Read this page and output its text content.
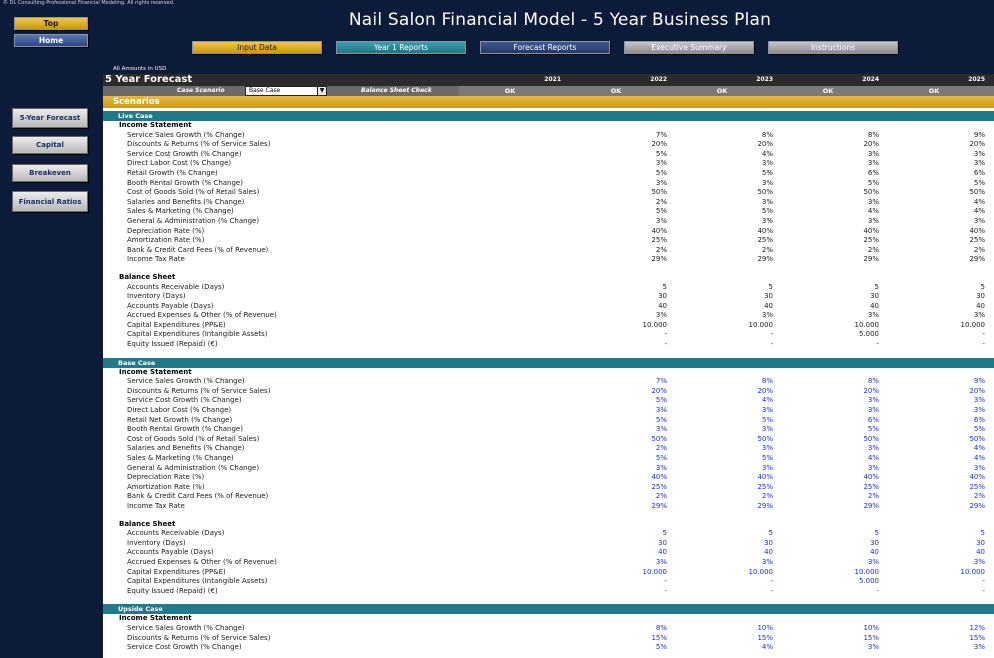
© DL Consulting-Professional Financial Modeling. All rights reserved.
Nail Salon Financial Model - 5 Year Business Plan
Top
Home
Input Data	Year 1 Reports	Forecast Reports	Executive Summary	Instructions
5-Year Forecast
Capital
Breakeven
Financial Ratios
All Amounts in USD
5 Year Forecast	2021	2022	2023	2024	2025
Case Scenario	Base Case	▼	Balance Sheet Check	OK	OK	OK	OK	OK
Scenarios
Live Case
Income Statement
Service Sales Growth (% Change)	7%	8%	8%	9%
Discounts & Returns (% of Service Sales)	20%	20%	20%	20%
Service Cost Growth (% Change)	5%	4%	3%	3%
Direct Labor Cost (% Change)	3%	3%	3%	3%
Retail Growth (% Change)	5%	5%	6%	6%
Booth Rental Growth (% Change)	3%	3%	5%	5%
Cost of Goods Sold (% of Retail Sales)	50%	50%	50%	50%
Salaries and Benefits (% Change)	2%	3%	3%	4%
Sales & Marketing (% Change)	5%	5%	4%	4%
General & Administration (% Change)	3%	3%	3%	3%
Depreciation Rate (%)	40%	40%	40%	40%
Amortization Rate (%)	25%	25%	25%	25%
Bank & Credit Card Fees (% of Revenue)	2%	2%	2%	2%
Income Tax Rate	29%	29%	29%	29%
Balance Sheet
Accounts Receivable (Days)	5	5	5	5
Inventory (Days)	30	30	30	30
Accounts Payable (Days)	40	40	40	40
Accrued Expenses & Other (% of Revenue)	3%	3%	3%	3%
Capital Expenditures (PP&E)	10.000	10.000	10.000	10.000
Capital Expenditures (Intangible Assets)	-	-	5.000	-
Equity Issued (Repaid) (€)	-	-	-	-
Base Case
Income Statement
Service Sales Growth (% Change)	7%	8%	8%	9%
Discounts & Returns (% of Service Sales)	20%	20%	20%	20%
Service Cost Growth (% Change)	5%	4%	3%	3%
Direct Labor Cost (% Change)	3%	3%	3%	3%
Retail Net Growth (% Change)	5%	5%	6%	6%
Booth Rental Growth (% Change)	3%	3%	5%	5%
Cost of Goods Sold (% of Retail Sales)	50%	50%	50%	50%
Salaries and Benefits (% Change)	2%	3%	3%	4%
Sales & Marketing (% Change)	5%	5%	4%	4%
General & Administration (% Change)	3%	3%	3%	3%
Depreciation Rate (%)	40%	40%	40%	40%
Amortization Rate (%)	25%	25%	25%	25%
Bank & Credit Card Fees (% of Revenue)	2%	2%	2%	2%
Income Tax Rate	29%	29%	29%	29%
Balance Sheet
Accounts Receivable (Days)	5	5	5	5
Inventory (Days)	30	30	30	30
Accounts Payable (Days)	40	40	40	40
Accrued Expenses & Other (% of Revenue)	3%	3%	3%	3%
Capital Expenditures (PP&E)	10.000	10.000	10.000	10.000
Capital Expenditures (Intangible Assets)	-	-	5.000	-
Equity Issued (Repaid) (€)	-	-	-	-
Upside Case
Income Statement
Service Sales Growth (% Change)	8%	10%	10%	12%
Discounts & Returns (% of Service Sales)	15%	15%	15%	15%
Service Cost Growth (% Change)	5%	4%	3%	3%
